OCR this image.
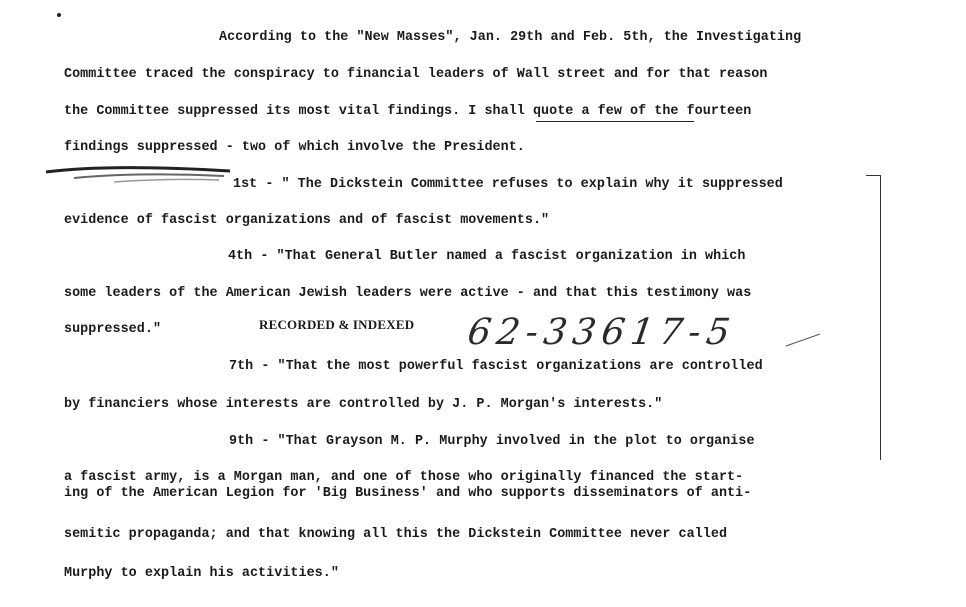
According to the "New Masses", Jan. 29th and Feb. 5th, the Investigating
Committee traced the conspiracy to financial leaders of Wall street and for that reason
the Committee suppressed its most vital findings. I shall quote a few of the fourteen
findings suppressed - two of which involve the President.
1st - " The Dickstein Committee refuses to explain why it suppressed
evidence of fascist organizations and of fascist movements."
4th - "That General Butler named a fascist organization in which
some leaders of the American Jewish leaders were active - and that this testimony was
suppressed."	RECORDED & INDEXED 62-33617-5
7th - "That the most powerful fascist organizations are controlled
by financiers whose interests are controlled by J. P. Morgan's interests."
9th - "That Grayson M. P. Murphy involved in the plot to organise
a fascist army, is a Morgan man, and one of those who originally financed the start-
ing of the American Legion for 'Big Business' and who supports disseminators of anti-
semitic propaganda; and that knowing all this the Dickstein Committee never called
Murphy to explain his activities."
